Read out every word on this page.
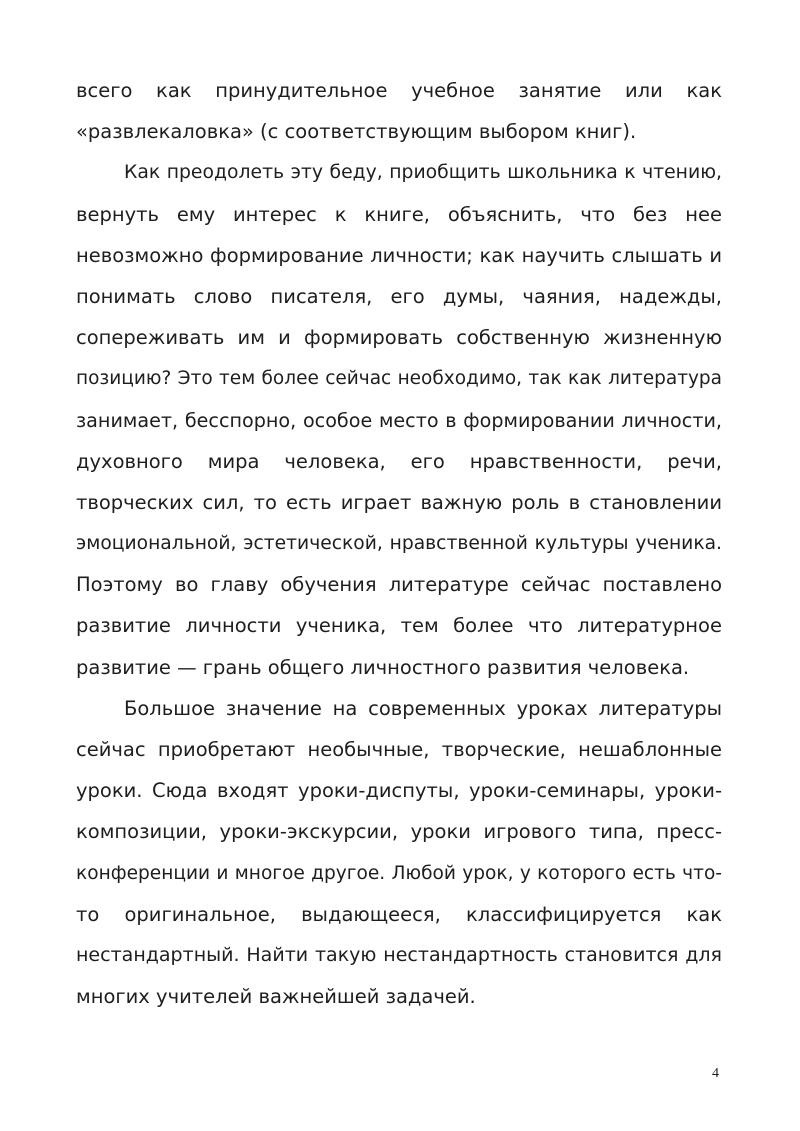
всего как принудительное учебное занятие или как
«развлекаловка» (с соответствующим выбором книг).
Как преодолеть эту беду, приобщить школьника к чтению,
вернуть ему интерес к книге, объяснить, что без нее
невозможно формирование личности; как научить слышать и
понимать слово писателя, его думы, чаяния, надежды,
сопереживать им и формировать собственную жизненную
позицию? Это тем более сейчас необходимо, так как литература
занимает, бесспорно, особое место в формировании личности,
духовного мира человека, его нравственности, речи,
творческих сил, то есть играет важную роль в становлении
эмоциональной, эстетической, нравственной культуры ученика.
Поэтому во главу обучения литературе сейчас поставлено
развитие личности ученика, тем более что литературное
развитие — грань общего личностного развития человека.
Большое значение на современных уроках литературы
сейчас приобретают необычные, творческие, нешаблонные
уроки. Сюда входят уроки-диспуты, уроки-семинары, уроки-
композиции, уроки-экскурсии, уроки игрового типа, пресс-
конференции и многое другое. Любой урок, у которого есть что-
то оригинальное, выдающееся, классифицируется как
нестандартный. Найти такую нестандартность становится для
многих учителей важнейшей задачей.
4
